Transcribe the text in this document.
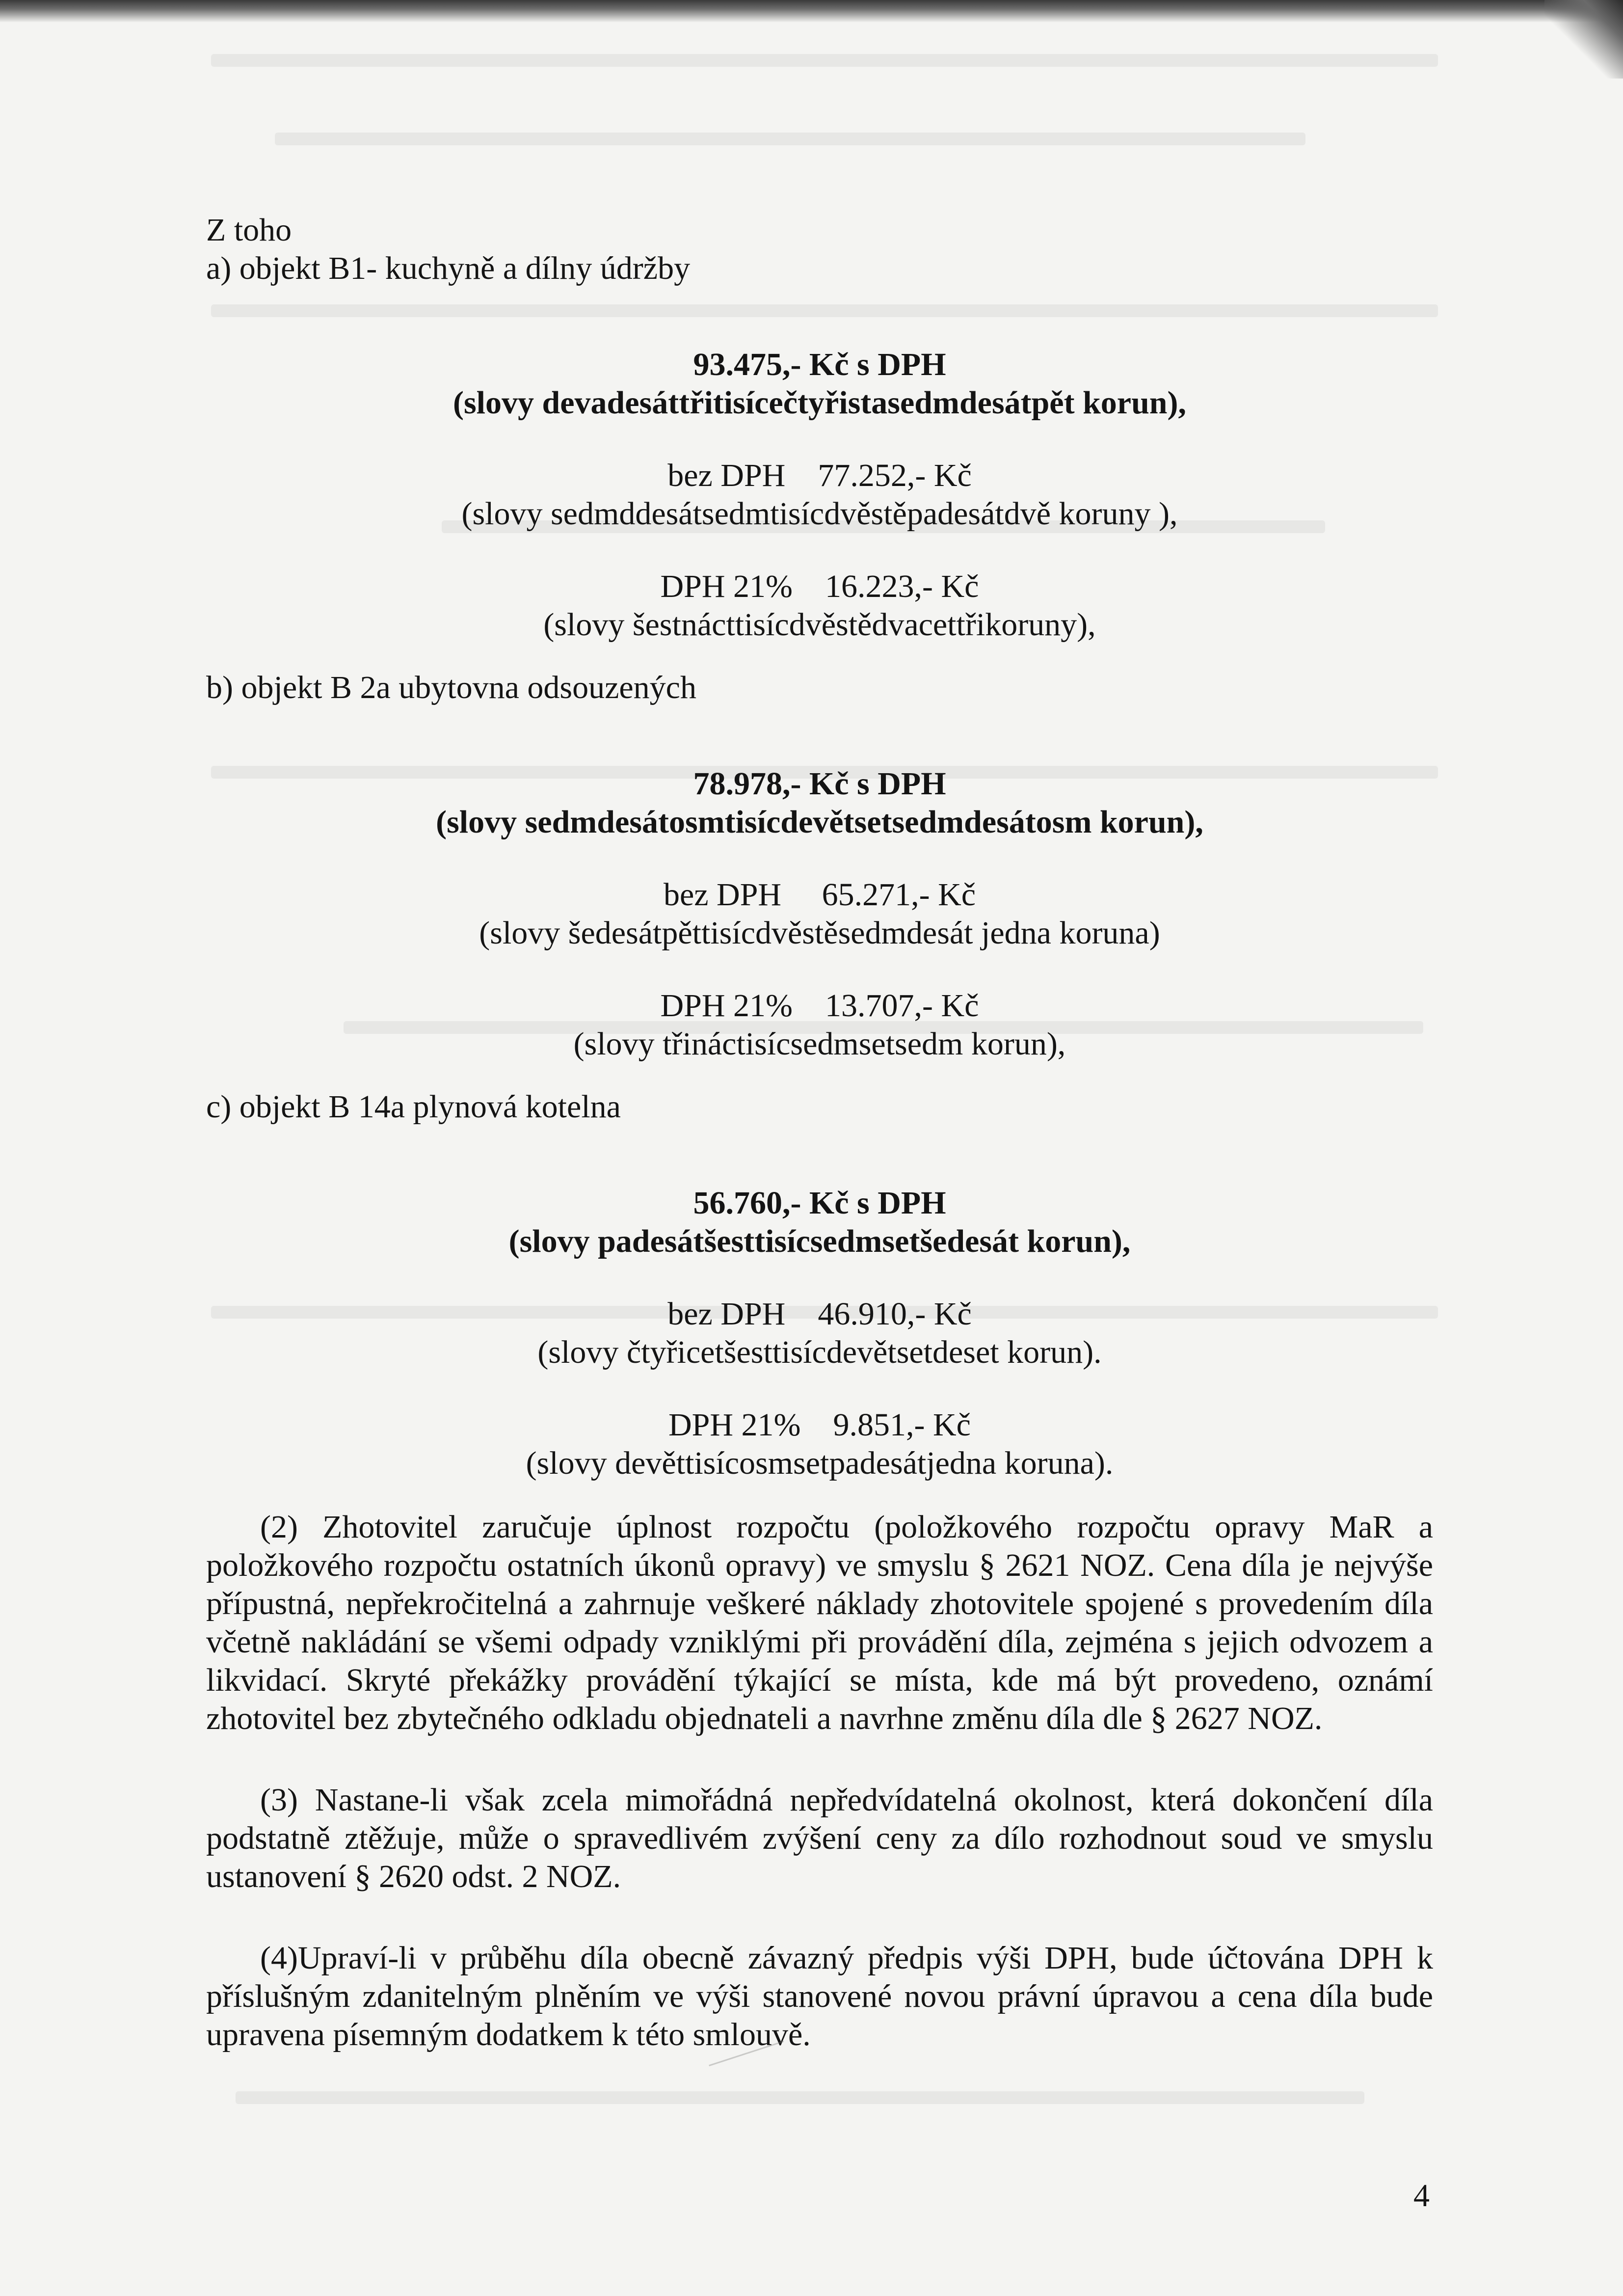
Z toho
a) objekt B1- kuchyně a dílny údržby
93.475,- Kč s DPH
(slovy devadesáttřitisícečtyřistasedmdesátpět korun),
bez DPH 77.252,- Kč
(slovy sedmddesátsedmtisícdvěstěpadesátdvě koruny ),
DPH 21% 16.223,- Kč
(slovy šestnácttisícdvěstědvacettřikoruny),
b) objekt B 2a ubytovna odsouzených
78.978,- Kč s DPH
(slovy sedmdesátosmtisícdevětsetsedmdesátosm korun),
bez DPH 65.271,- Kč
(slovy šedesátpěttisícdvěstěsedmdesát jedna koruna)
DPH 21% 13.707,- Kč
(slovy třináctisícsedmsetsedm korun),
c) objekt B 14a plynová kotelna
56.760,- Kč s DPH
(slovy padesátšesttisícsedmsetšedesát korun),
bez DPH 46.910,- Kč
(slovy čtyřicetšesttisícdevětsetdeset korun).
DPH 21% 9.851,- Kč
(slovy devěttisícosmsetpadesátjedna koruna).
(2) Zhotovitel zaručuje úplnost rozpočtu (položkového rozpočtu opravy MaR a položkového rozpočtu ostatních úkonů opravy) ve smyslu § 2621 NOZ. Cena díla je nejvýše přípustná, nepřekročitelná a zahrnuje veškeré náklady zhotovitele spojené s provedením díla včetně nakládání se všemi odpady vzniklými při provádění díla, zejména s jejich odvozem a likvidací. Skryté překážky provádění týkající se místa, kde má být provedeno, oznámí zhotovitel bez zbytečného odkladu objednateli a navrhne změnu díla dle § 2627 NOZ.
(3) Nastane-li však zcela mimořádná nepředvídatelná okolnost, která dokončení díla podstatně ztěžuje, může o spravedlivém zvýšení ceny za dílo rozhodnout soud ve smyslu ustanovení § 2620 odst. 2 NOZ.
(4)Upraví-li v průběhu díla obecně závazný předpis výši DPH, bude účtována DPH k příslušným zdanitelným plněním ve výši stanovené novou právní úpravou a cena díla bude upravena písemným dodatkem k této smlouvě.
4
